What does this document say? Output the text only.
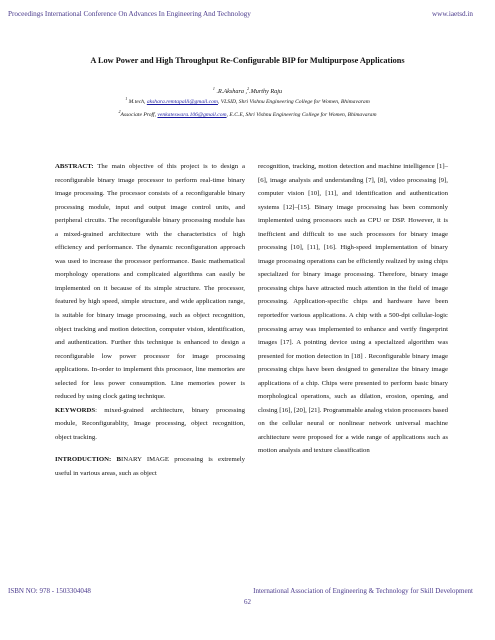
Proceedings International Conference On Advances In Engineering And Technology	www.iaetsd.in
A Low Power and High Throughput Re-Configurable BIP for Multipurpose Applications
$^1$ .R.Akshara ,$^2$.Murthy Raju
$^1$ M.tech, akshara.remtapalli@gmail.com, VLSID, Shri Vishnu Engineering College for Women, Bhimavaram
$^2$Associate Proff, venkateswara.106@gmail.com, E.C.E, Shri Vishnu Engineering College for Women, Bhimavaram

ABSTRACT: The main objective of this project is to design a reconfigurable binary image processor to perform real-time binary image processing. The processor consists of a reconfigurable binary processing module, input and output image control units, and peripheral circuits. The reconfigurable binary processing module has a mixed-grained architecture with the characteristics of high efficiency and performance. The dynamic reconfiguration approach was used to increase the processor performance. Basic mathematical morphology operations and complicated algorithms can easily be implemented on it because of its simple structure. The processor, featured by high speed, simple structure, and wide application range, is suitable for binary image processing, such as object recognition, object tracking and motion detection, computer vision, identification, and authentication. Further this technique is enhanced to design a reconfigurable low power processor for image processing applications. In-order to implement this processor, line memories are selected for less power consumption. Line memories power is reduced by using clock gating technique.

KEYWORDS: mixed-grained architecture, binary processing module, Reconfigurablity, Image processing, object recognition, object tracking.

INTRODUCTION: BINARY IMAGE processing is extremely useful in various areas, such as object

recognition, tracking, motion detection and machine intelligence [1]–[6], image analysis and understanding [7], [8], video processing [9], computer vision [10], [11], and identification and authentication systems [12]–[15]. Binary image processing has been commonly implemented using processors such as CPU or DSP. However, it is inefficient and difficult to use such processors for binary image processing [10], [11], [16]. High-speed implementation of binary image processing operations can be efficiently realized by using chips specialized for binary image processing. Therefore, binary image processing chips have attracted much attention in the field of image processing. Application-specific chips and hardware have been reportedfor various applications. A chip with a 500-dpi cellular-logic processing array was implemented to enhance and verify fingerprint images [17]. A pointing device using a specialized algorithm was presented for motion detection in [18] . Reconfigurable binary image processing chips have been designed to generalize the binary image applications of a chip. Chips were presented to perform basic binary morphological operations, such as dilation, erosion, opening, and closing [16], [20], [21]. Programmable analog vision processors based on the cellular neural or nonlinear network universal machine architecture were proposed for a wide range of applications such as motion analysis and texture classification

ISBN NO: 978 - 1503304048	International Association of Engineering & Technology for Skill Development
62
